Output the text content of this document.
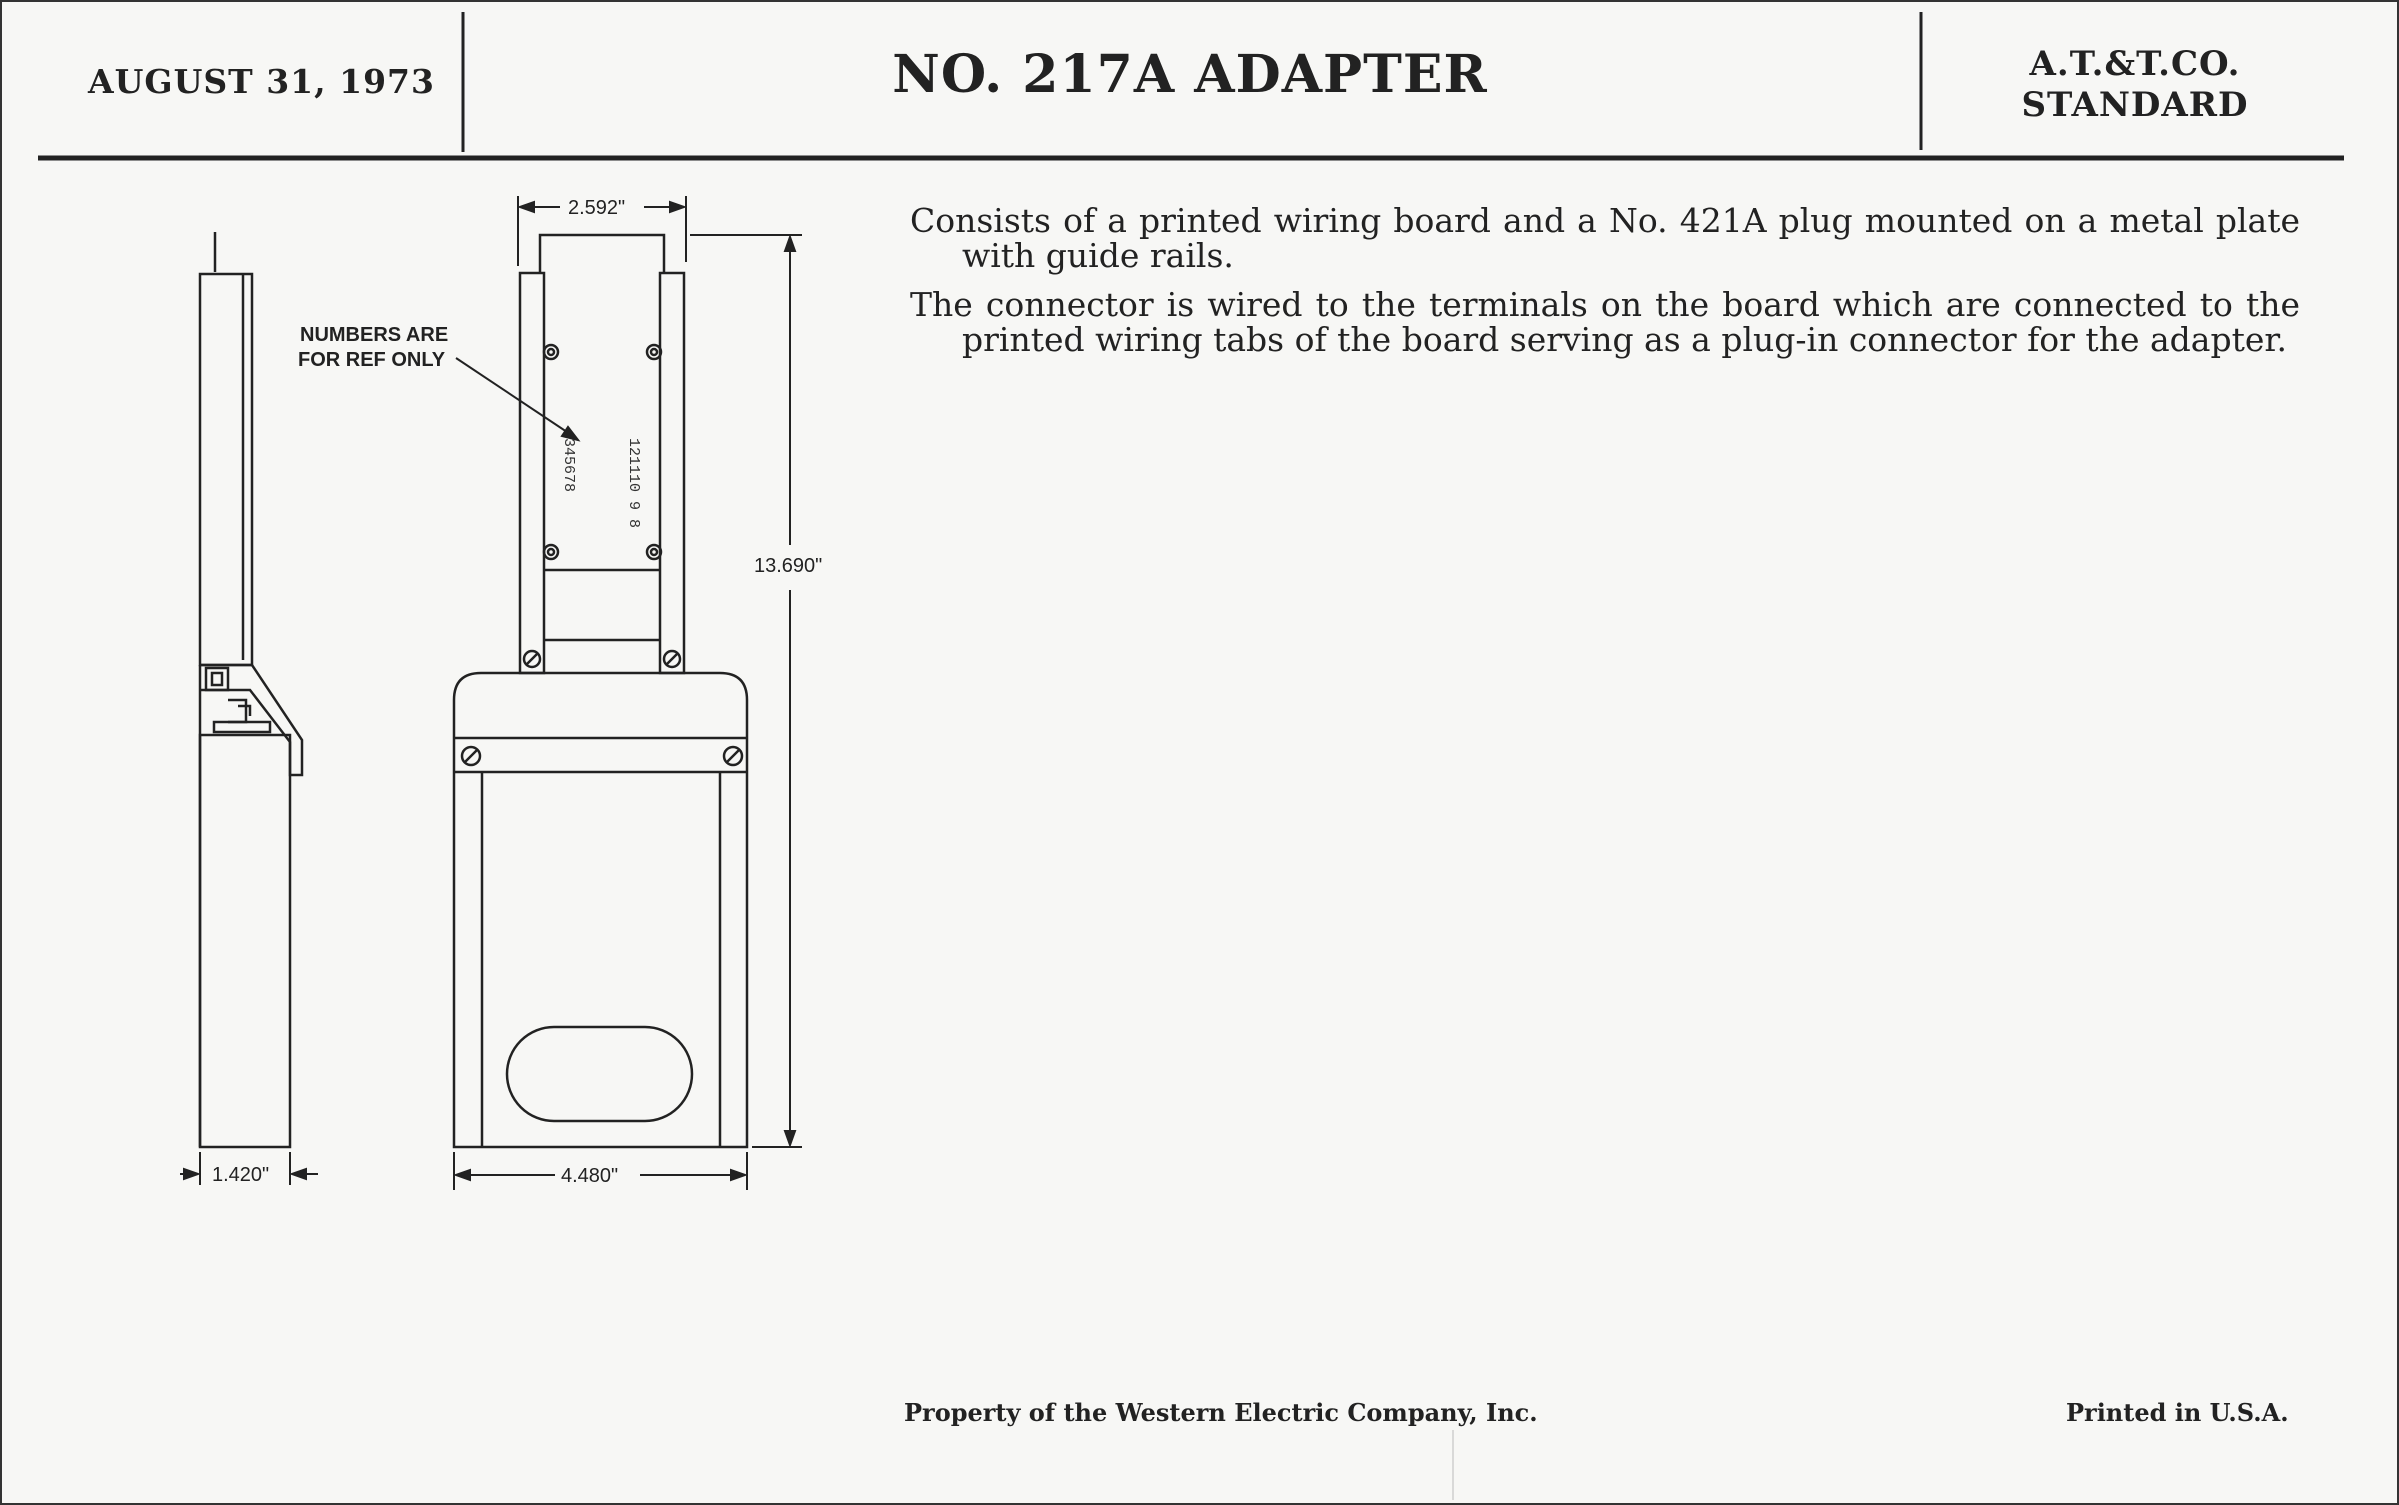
2.592"
13.690"
1.420"	4.480"
NUMBERS ARE
FOR REF ONLY
345678	121110 9 8
AUGUST 31, 1973	NO. 217A ADAPTER	A.T.&T.CO.
STANDARD
Consists of a printed wiring board and a No. 421A plug mounted on a metal plate with guide rails.
The connector is wired to the terminals on the board which are connected to the printed wiring tabs of the board serving as a plug-in connector for the adapter.
Property of the Western Electric Company, Inc.	Printed in U.S.A.
